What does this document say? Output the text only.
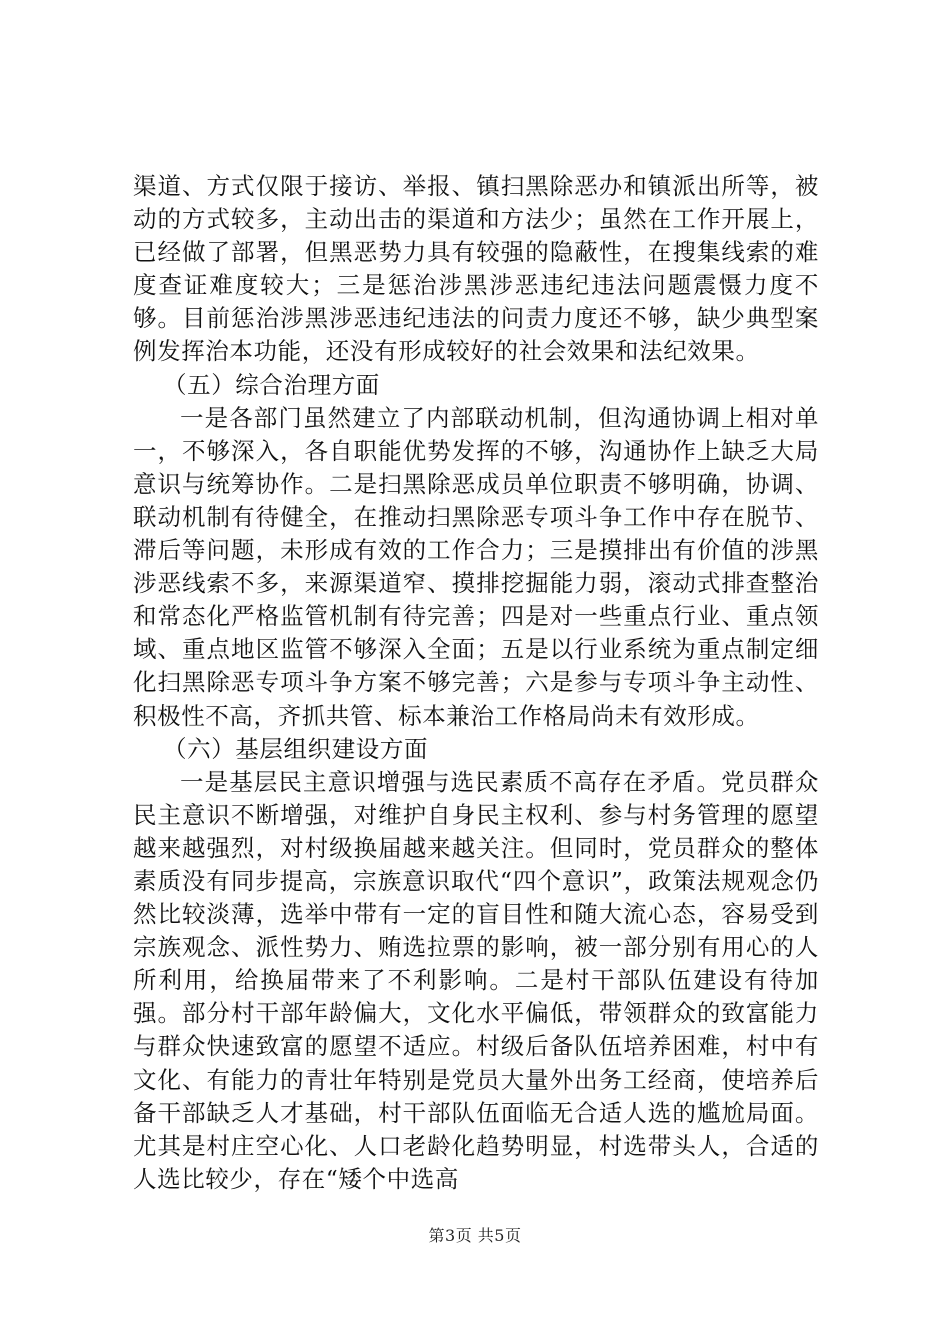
渠道、方式仅限于接访、举报、镇扫黑除恶办和镇派出所等，被动的方式较多，主动出击的渠道和方法少；虽然在工作开展上，已经做了部署，但黑恶势力具有较强的隐蔽性，在搜集线索的难度查证难度较大；三是惩治涉黑涉恶违纪违法问题震慑力度不够。目前惩治涉黑涉恶违纪违法的问责力度还不够，缺少典型案例发挥治本功能，还没有形成较好的社会效果和法纪效果。

（五）综合治理方面

一是各部门虽然建立了内部联动机制，但沟通协调上相对单一，不够深入，各自职能优势发挥的不够，沟通协作上缺乏大局意识与统筹协作。二是扫黑除恶成员单位职责不够明确，协调、联动机制有待健全，在推动扫黑除恶专项斗争工作中存在脱节、滞后等问题，未形成有效的工作合力；三是摸排出有价值的涉黑涉恶线索不多，来源渠道窄、摸排挖掘能力弱，滚动式排查整治和常态化严格监管机制有待完善；四是对一些重点行业、重点领域、重点地区监管不够深入全面；五是以行业系统为重点制定细化扫黑除恶专项斗争方案不够完善；六是参与专项斗争主动性、积极性不高，齐抓共管、标本兼治工作格局尚未有效形成。

（六）基层组织建设方面

一是基层民主意识增强与选民素质不高存在矛盾。党员群众民主意识不断增强，对维护自身民主权利、参与村务管理的愿望越来越强烈，对村级换届越来越关注。但同时，党员群众的整体素质没有同步提高，宗族意识取代“四个意识”，政策法规观念仍然比较淡薄，选举中带有一定的盲目性和随大流心态，容易受到宗族观念、派性势力、贿选拉票的影响，被一部分别有用心的人所利用，给换届带来了不利影响。二是村干部队伍建设有待加强。部分村干部年龄偏大，文化水平偏低，带领群众的致富能力与群众快速致富的愿望不适应。村级后备队伍培养困难，村中有文化、有能力的青壮年特别是党员大量外出务工经商，使培养后备干部缺乏人才基础，村干部队伍面临无合适人选的尴尬局面。尤其是村庄空心化、人口老龄化趋势明显，村选带头人，合适的人选比较少，存在“矮个中选高

第3页 共5页
